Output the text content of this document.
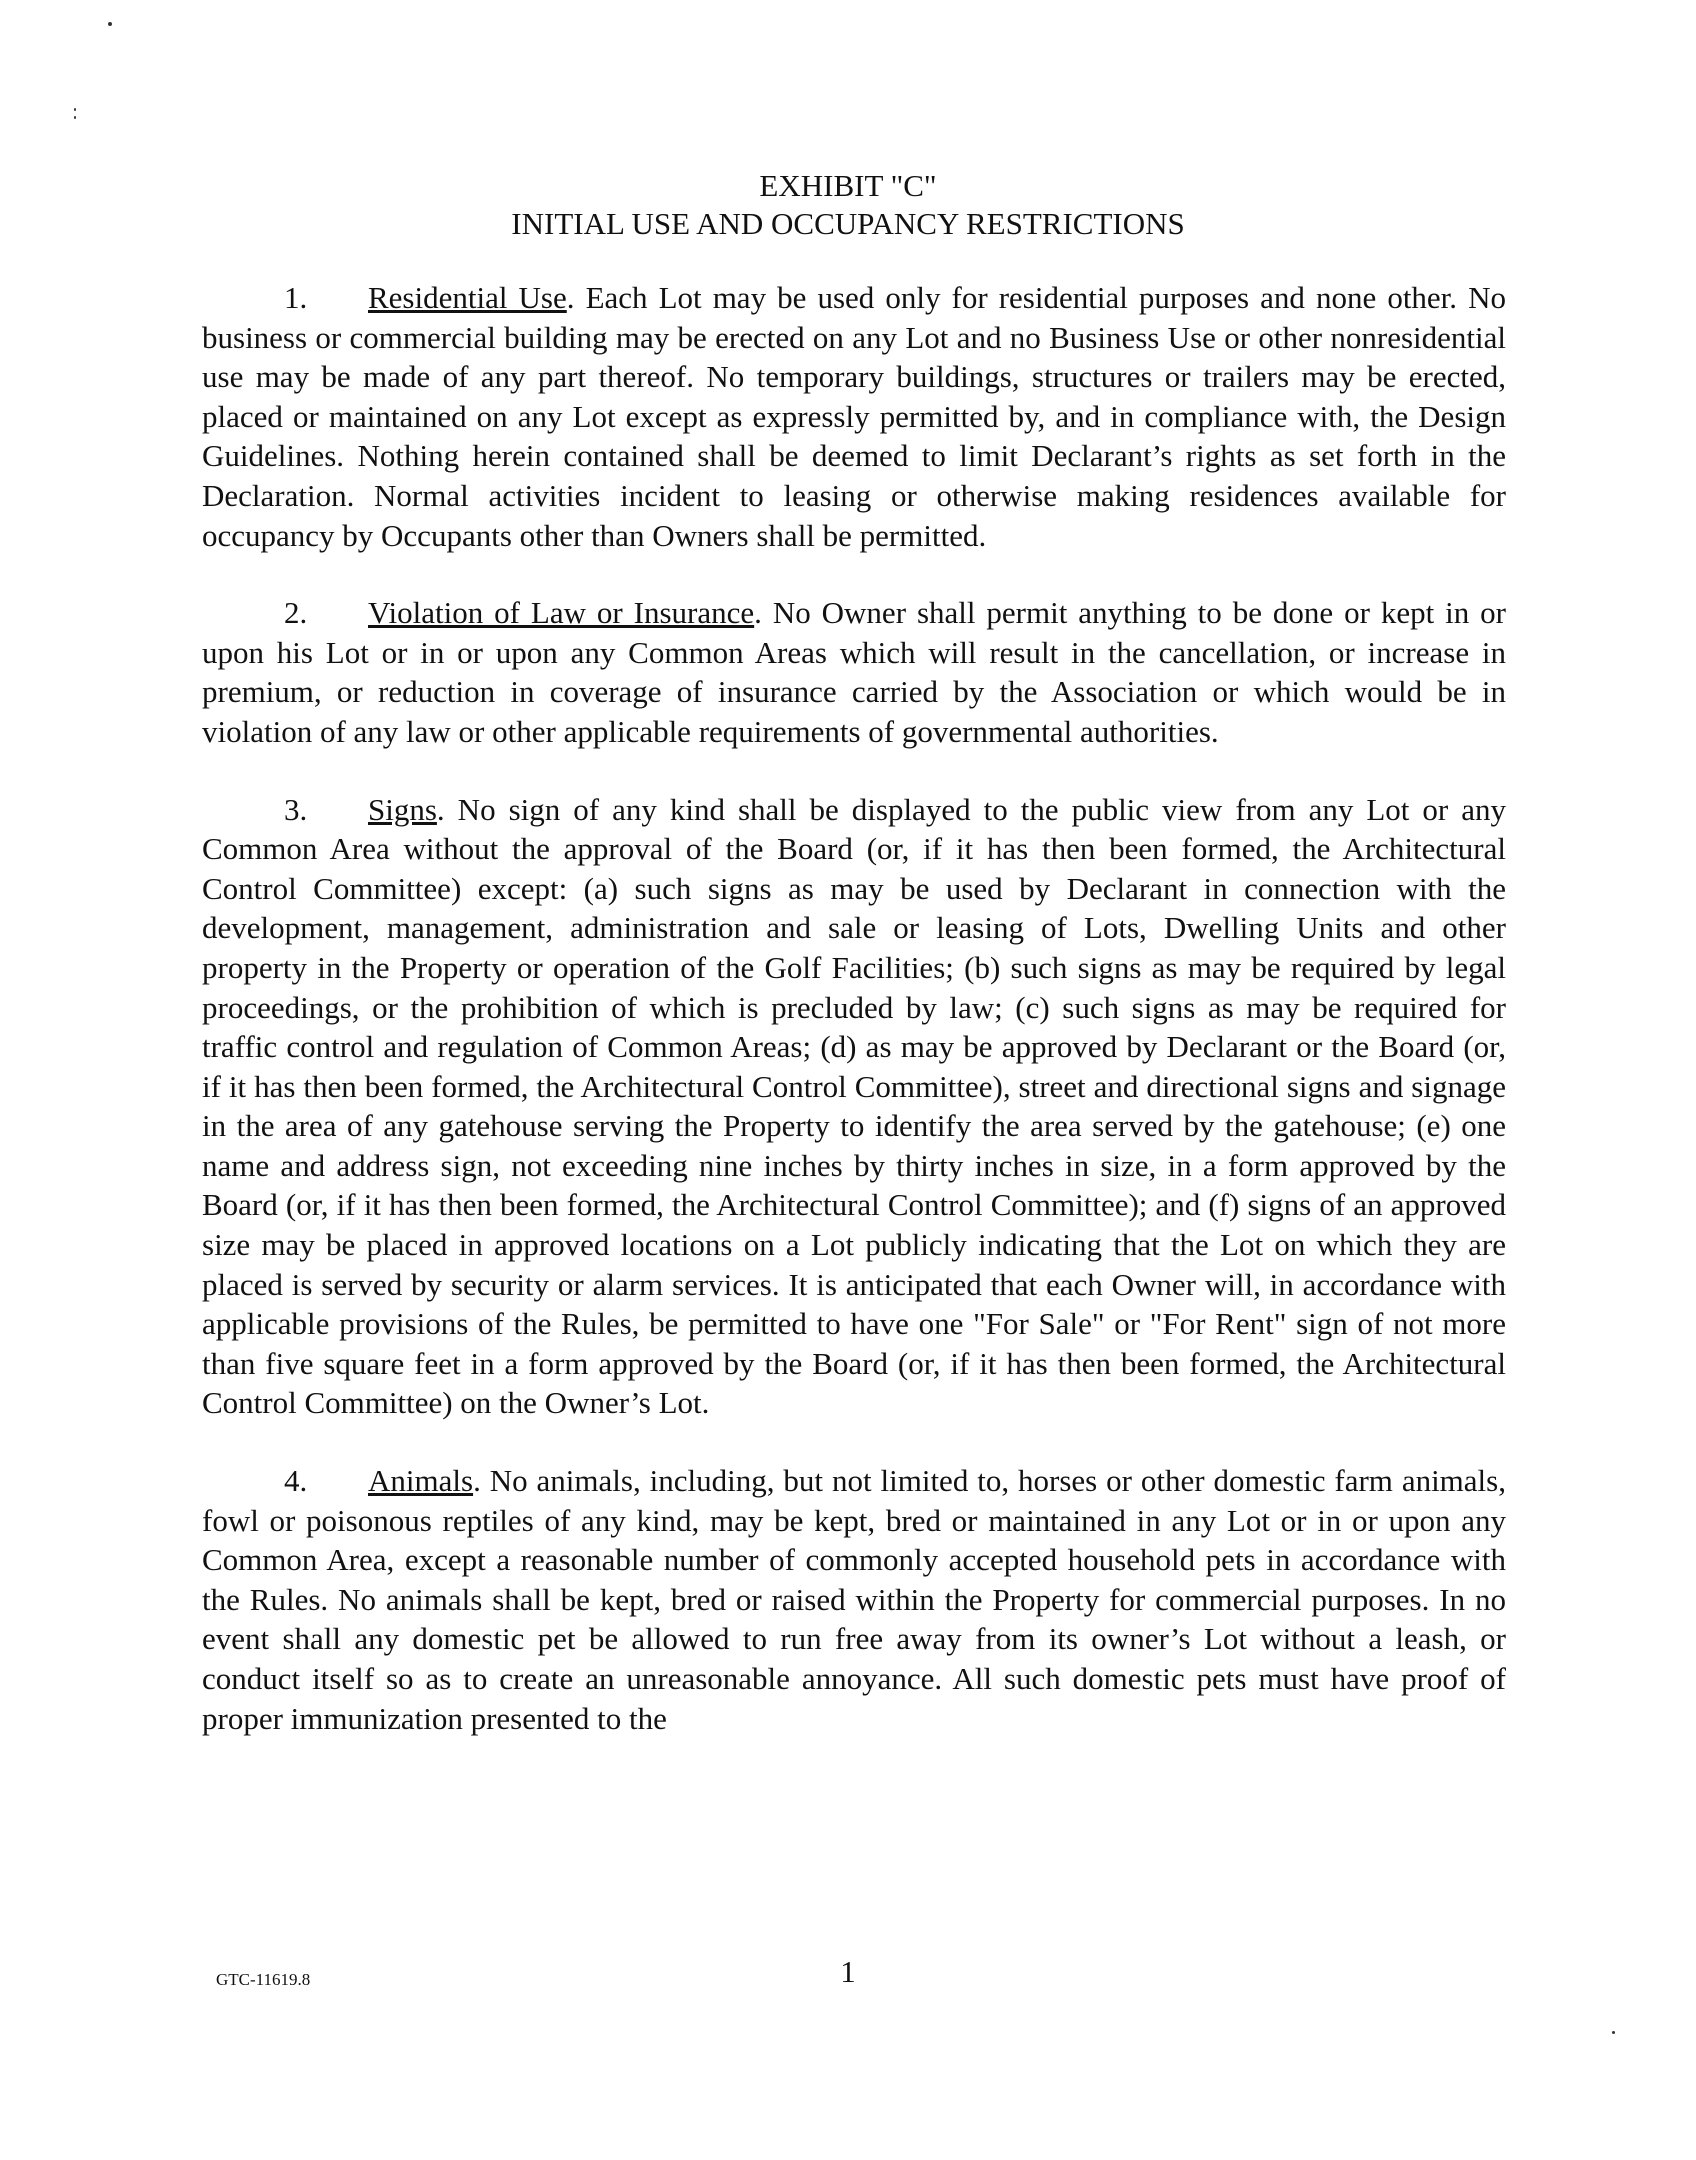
EXHIBIT "C"
INITIAL USE AND OCCUPANCY RESTRICTIONS

1. Residential Use. Each Lot may be used only for residential purposes and none other. No business or commercial building may be erected on any Lot and no Business Use or other nonresidential use may be made of any part thereof. No temporary buildings, structures or trailers may be erected, placed or maintained on any Lot except as expressly permitted by, and in compliance with, the Design Guidelines. Nothing herein contained shall be deemed to limit Declarant’s rights as set forth in the Declaration. Normal activities incident to leasing or otherwise making residences available for occupancy by Occupants other than Owners shall be permitted.

2. Violation of Law or Insurance. No Owner shall permit anything to be done or kept in or upon his Lot or in or upon any Common Areas which will result in the cancellation, or increase in premium, or reduction in coverage of insurance carried by the Association or which would be in violation of any law or other applicable requirements of governmental authorities.

3. Signs. No sign of any kind shall be displayed to the public view from any Lot or any Common Area without the approval of the Board (or, if it has then been formed, the Architectural Control Committee) except: (a) such signs as may be used by Declarant in connection with the development, management, administration and sale or leasing of Lots, Dwelling Units and other property in the Property or operation of the Golf Facilities; (b) such signs as may be required by legal proceedings, or the prohibition of which is precluded by law; (c) such signs as may be required for traffic control and regulation of Common Areas; (d) as may be approved by Declarant or the Board (or, if it has then been formed, the Architectural Control Committee), street and directional signs and signage in the area of any gatehouse serving the Property to identify the area served by the gatehouse; (e) one name and address sign, not exceeding nine inches by thirty inches in size, in a form approved by the Board (or, if it has then been formed, the Architectural Control Committee); and (f) signs of an approved size may be placed in approved locations on a Lot publicly indicating that the Lot on which they are placed is served by security or alarm services. It is anticipated that each Owner will, in accordance with applicable provisions of the Rules, be permitted to have one "For Sale" or "For Rent" sign of not more than five square feet in a form approved by the Board (or, if it has then been formed, the Architectural Control Committee) on the Owner’s Lot.

4. Animals. No animals, including, but not limited to, horses or other domestic farm animals, fowl or poisonous reptiles of any kind, may be kept, bred or maintained in any Lot or in or upon any Common Area, except a reasonable number of commonly accepted household pets in accordance with the Rules. No animals shall be kept, bred or raised within the Property for commercial purposes. In no event shall any domestic pet be allowed to run free away from its owner’s Lot without a leash, or conduct itself so as to create an unreasonable annoyance. All such domestic pets must have proof of proper immunization presented to the

GTC-11619.8	1
